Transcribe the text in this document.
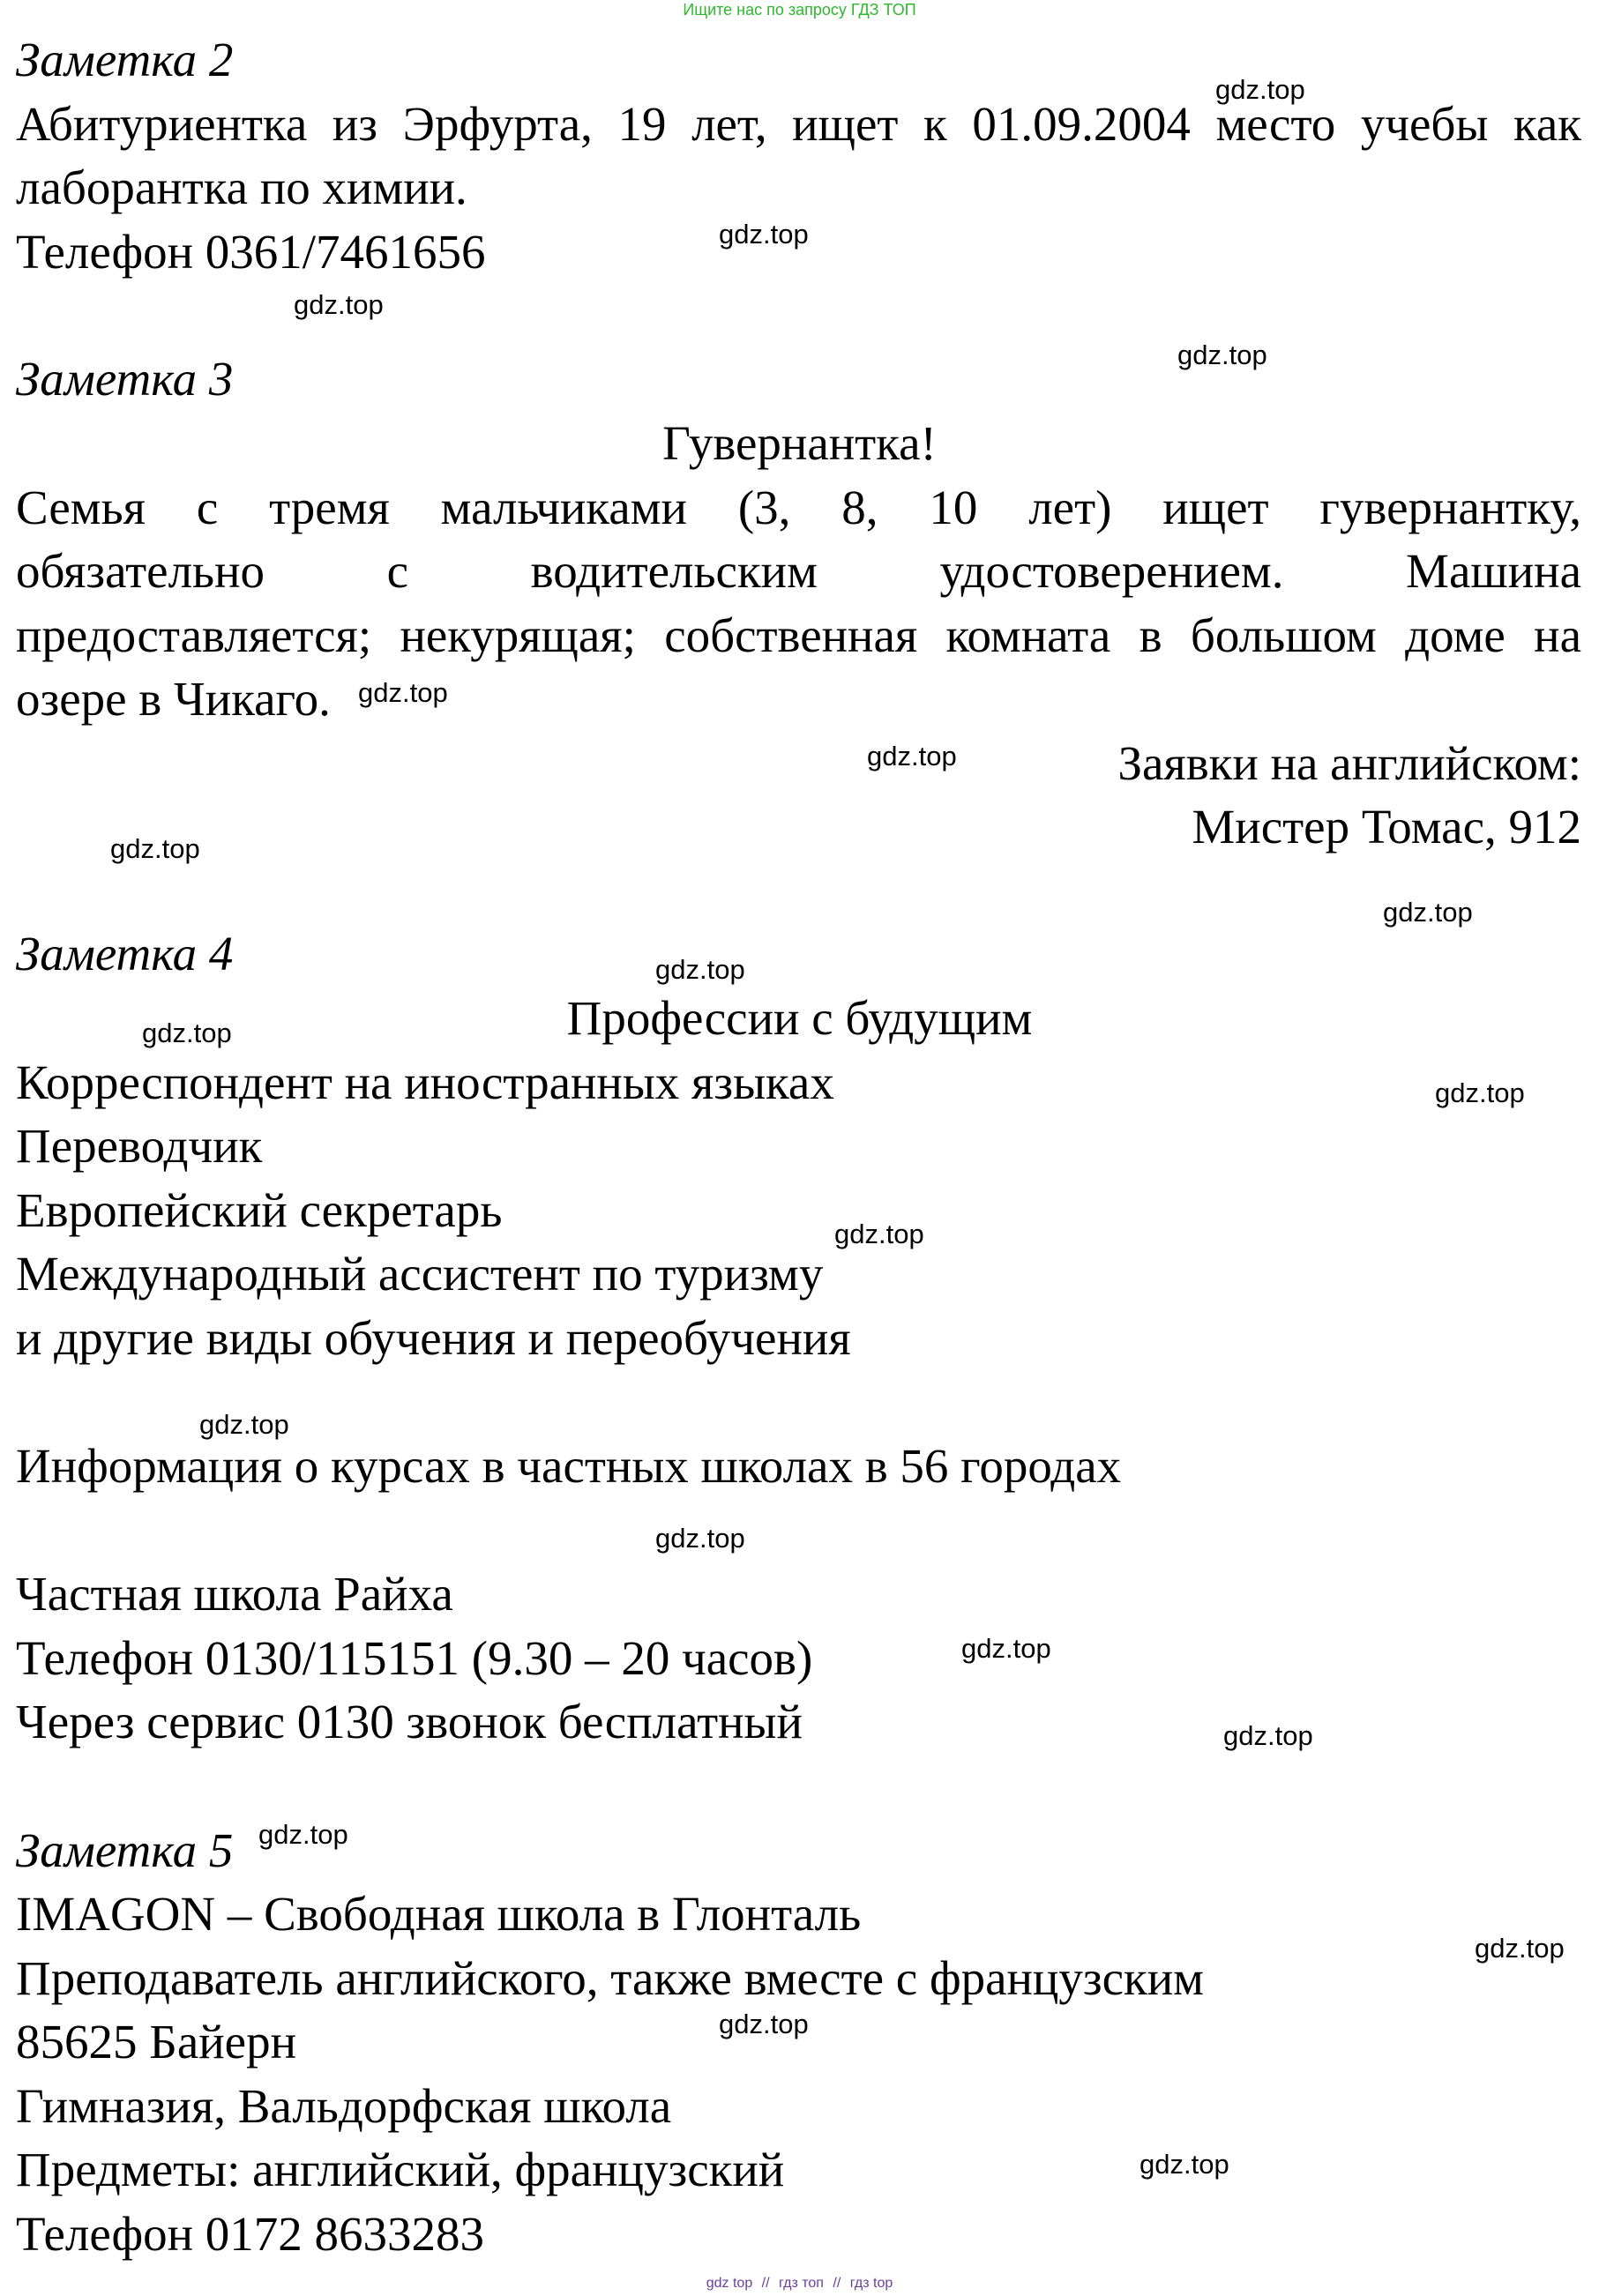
Ищите нас по запросу ГДЗ ТОП
Заметка 2
Абитуриентка из Эрфурта, 19 лет, ищет к 01.09.2004 место учебы как
лаборантка по химии.
Телефон 0361/7461656
Заметка 3
Гувернантка!
Семья с тремя мальчиками (3, 8, 10 лет) ищет гувернантку,
обязательно с водительским удостоверением. Машина
предоставляется; некурящая; собственная комната в большом доме на
озере в Чикаго.
Заявки на английском:
Мистер Томас, 912
Заметка 4
Профессии с будущим
Корреспондент на иностранных языках
Переводчик
Европейский секретарь
Международный ассистент по туризму
и другие виды обучения и переобучения
Информация о курсах в частных школах в 56 городах
Частная школа Райха
Телефон 0130/115151 (9.30 – 20 часов)
Через сервис 0130 звонок бесплатный
Заметка 5
IMAGON – Свободная школа в Глонталь
Преподаватель английского, также вместе с французским
85625 Байерн
Гимназия, Вальдорфская школа
Предметы: английский, французский
Телефон 0172 8633283
gdz.top
gdz.top
gdz.top
gdz.top
gdz.top
gdz.top
gdz.top
gdz.top
gdz.top
gdz.top
gdz.top
gdz.top
gdz.top
gdz.top
gdz.top
gdz.top
gdz.top
gdz.top
gdz.top
gdz.top
gdz top // гдз топ // гдз top
